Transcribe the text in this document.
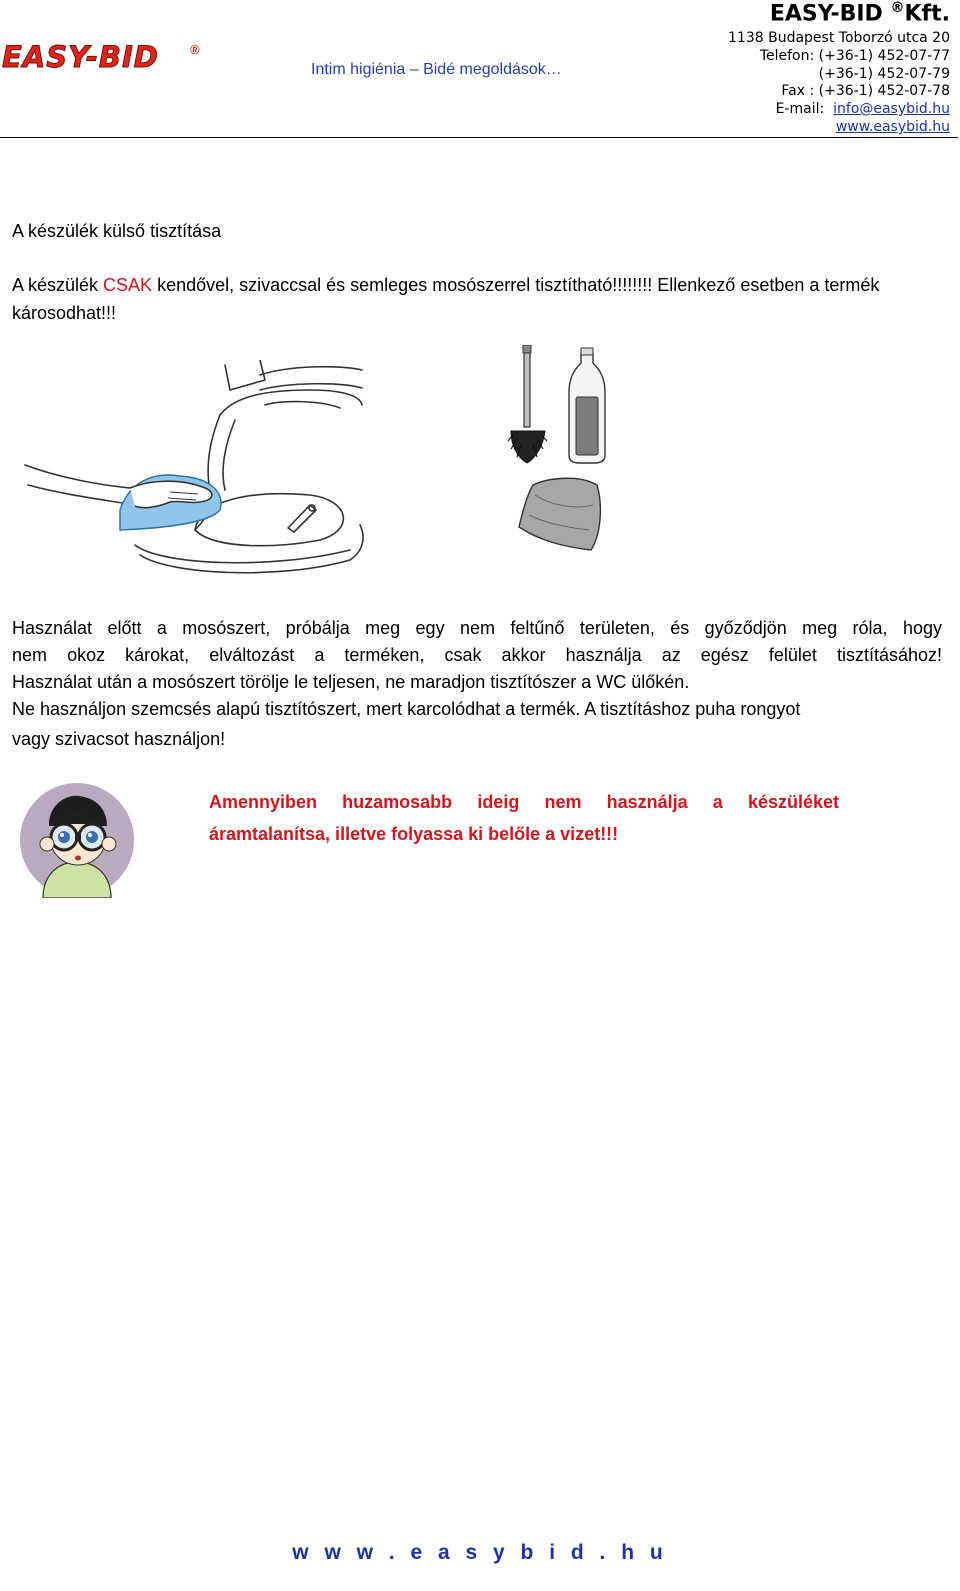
EASY-BID ®
Intim higiénia – Bidé megoldások…
EASY-BID ®Kft.
1138 Budapest Toborzó utca 20
Telefon: (+36-1) 452-07-77
(+36-1) 452-07-79
Fax : (+36-1) 452-07-78
E-mail: info@easybid.hu
www.easybid.hu
A készülék külső tisztítása
A készülék CSAK kendővel, szivaccsal és semleges mosószerrel tisztítható!!!!!!!! Ellenkező esetben a termék károsodhat!!!
Használat előtt a mosószert, próbálja meg egy nem feltűnő területen, és győződjön meg róla, hogy
nem okoz károkat, elváltozást a terméken, csak akkor használja az egész felület tisztításához!
Használat után a mosószert törölje le teljesen, ne maradjon tisztítószer a WC ülőkén.
Ne használjon szemcsés alapú tisztítószert, mert karcolódhat a termék. A tisztításhoz puha rongyot
vagy szivacsot használjon!
Amennyiben huzamosabb ideig nem használja a készüléket
áramtalanítsa, illetve folyassa ki belőle a vizet!!!
w w w . e a s y b i d . h u
